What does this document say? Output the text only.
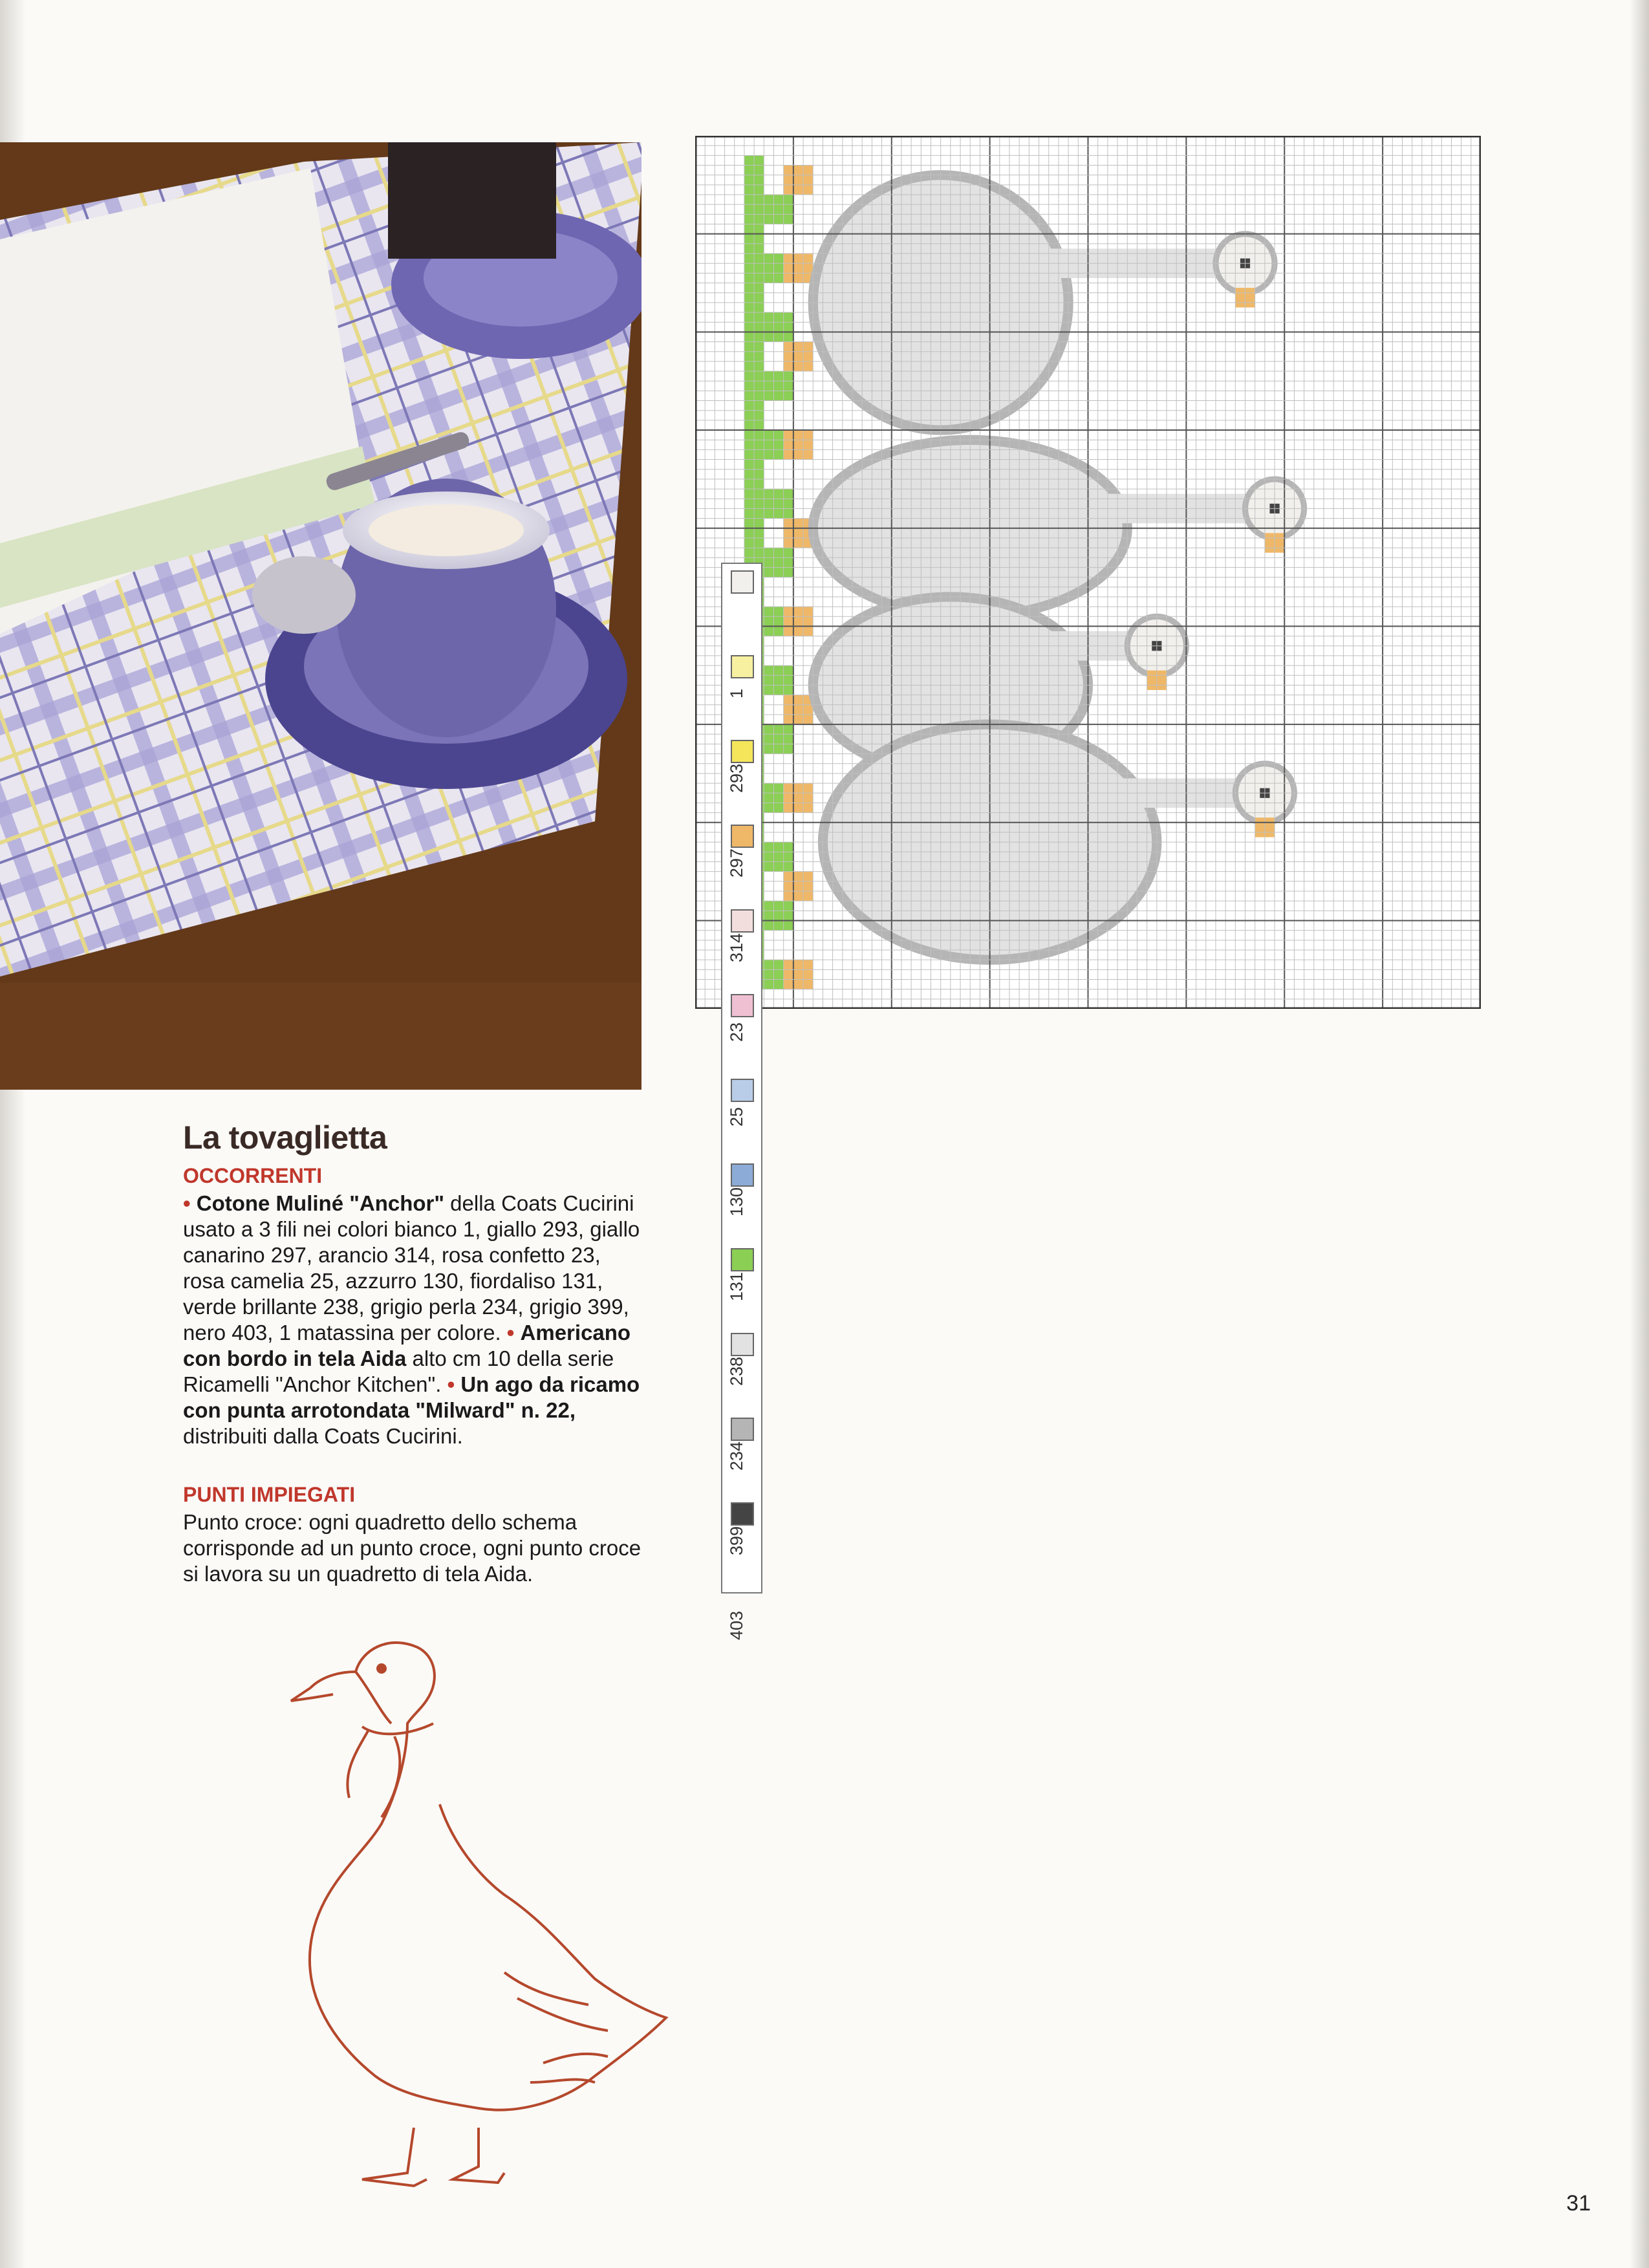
La tovaglietta
OCCORRENTI

• Cotone Muliné "Anchor" della Coats Cucirini usato a 3 fili nei colori bianco 1, giallo 293, giallo canarino 297, arancio 314, rosa confetto 23, rosa camelia 25, azzurro 130, fiordaliso 131, verde brillante 238, grigio perla 234, grigio 399, nero 403, 1 matassina per colore. • Americano con bordo in tela Aida alto cm 10 della serie Ricamelli "Anchor Kitchen". • Un ago da ricamo con punta arrotondata "Milward" n. 22, distribuiti dalla Coats Cucirini.

PUNTI IMPIEGATI

Punto croce: ogni quadretto dello schema corrisponde ad un punto croce, ogni punto croce si lavora su un quadretto di tela Aida.

1
293
297
314
23
25
130
131
238
234
399
403
31
